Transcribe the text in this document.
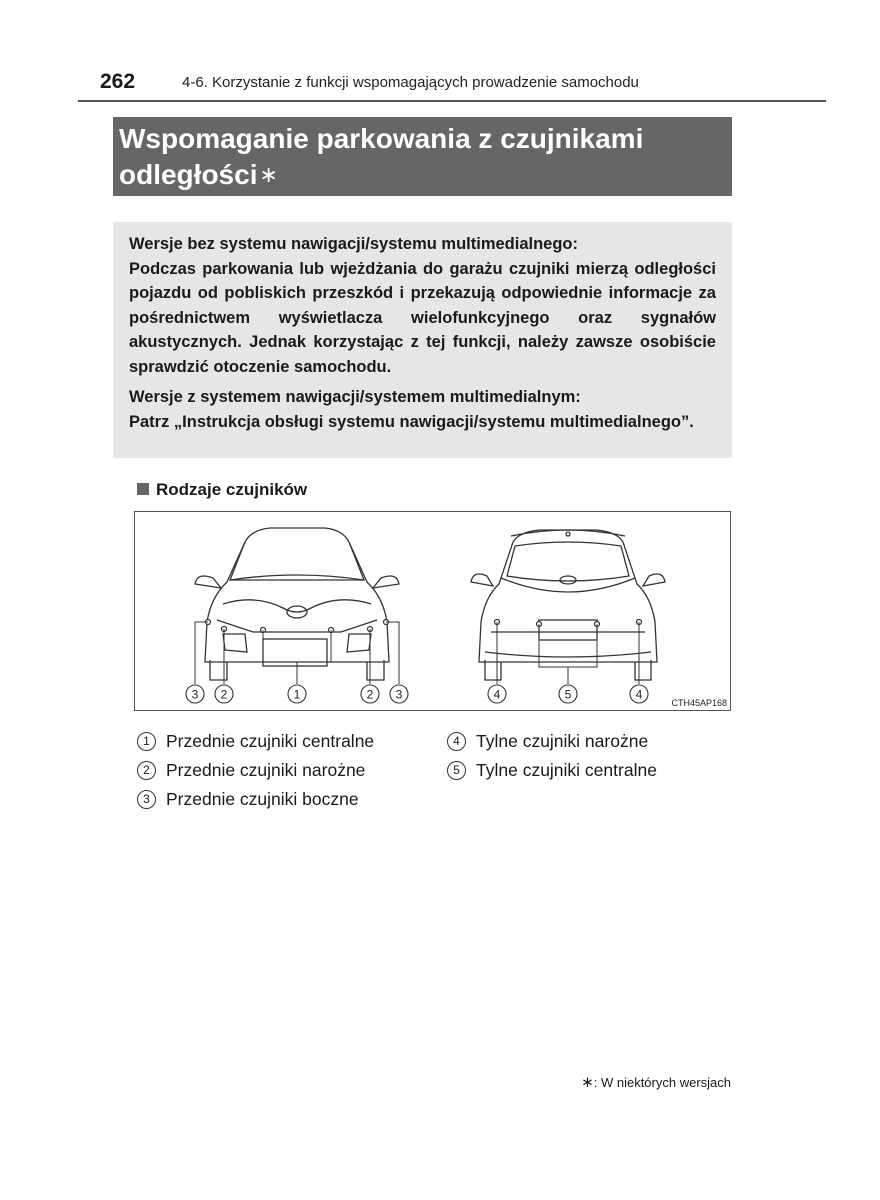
262	4-6. Korzystanie z funkcji wspomagających prowadzenie samochodu
Wspomaganie parkowania z czujnikami
odległości∗

Wersje bez systemu nawigacji/systemu multimedialnego:
Podczas parkowania lub wjeżdżania do garażu czujniki mierzą odległości pojazdu od pobliskich przeszkód i przekazują odpowiednie informacje za pośrednictwem wyświetlacza wielofunkcyjnego oraz sygnałów akustycznych. Jednak korzystając z tej funkcji, należy zawsze osobiście sprawdzić otoczenie samochodu.

Wersje z systemem nawigacji/systemem multimedialnym:
Patrz „Instrukcja obsługi systemu nawigacji/systemu multimedialnego”.

Rodzaje czujników
3 2	1	2 3	4	5	4
CTH45AP168
1 Przednie czujniki centralne
2 Przednie czujniki narożne
3 Przednie czujniki boczne
4 Tylne czujniki narożne
5 Tylne czujniki centralne
∗: W niektórych wersjach
